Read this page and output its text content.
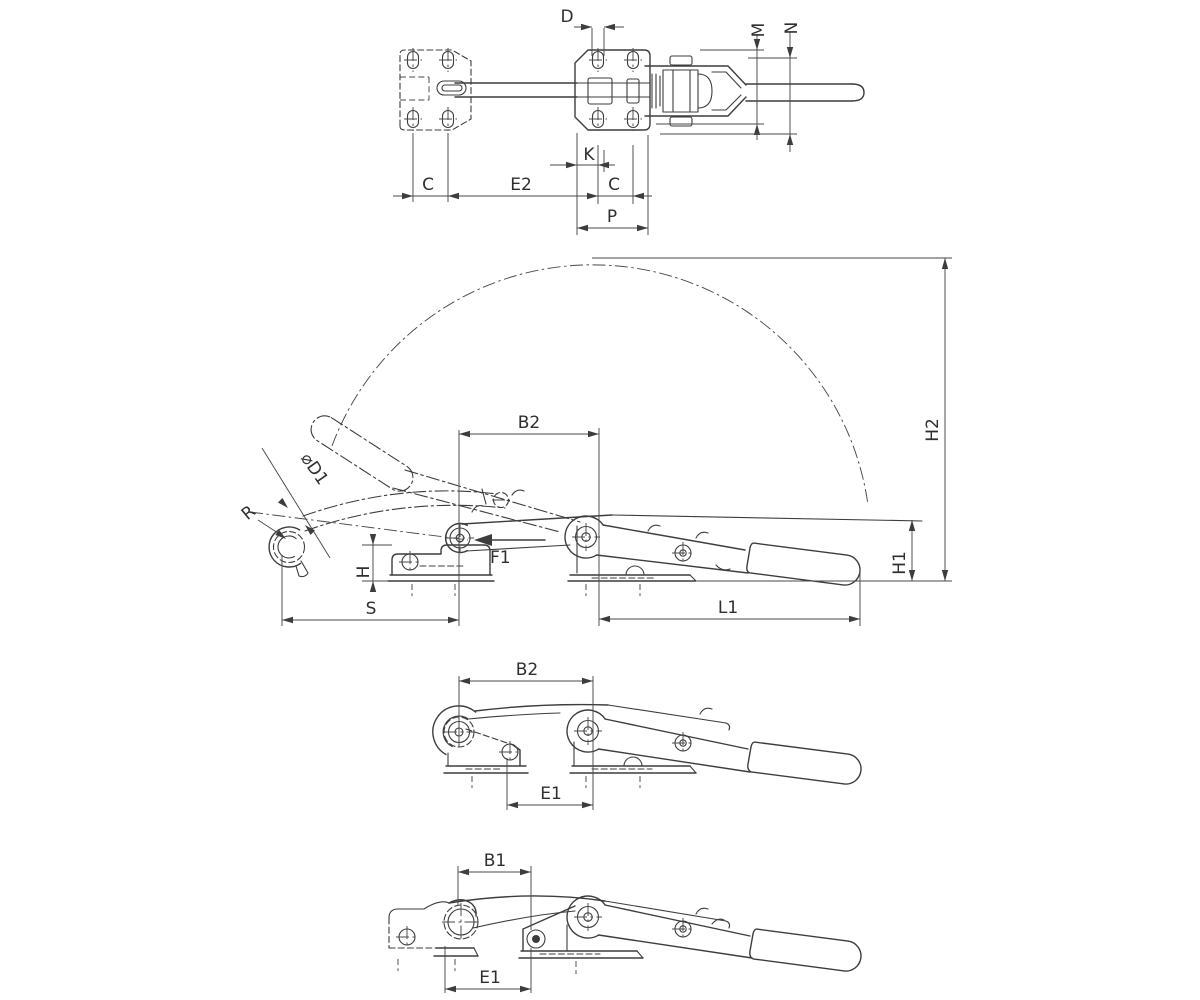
D
M N
K
C	E2	C
P
R
⌀D1
F1
B2	H2
H1
H
S	L1
B2
E1
B1
E1
